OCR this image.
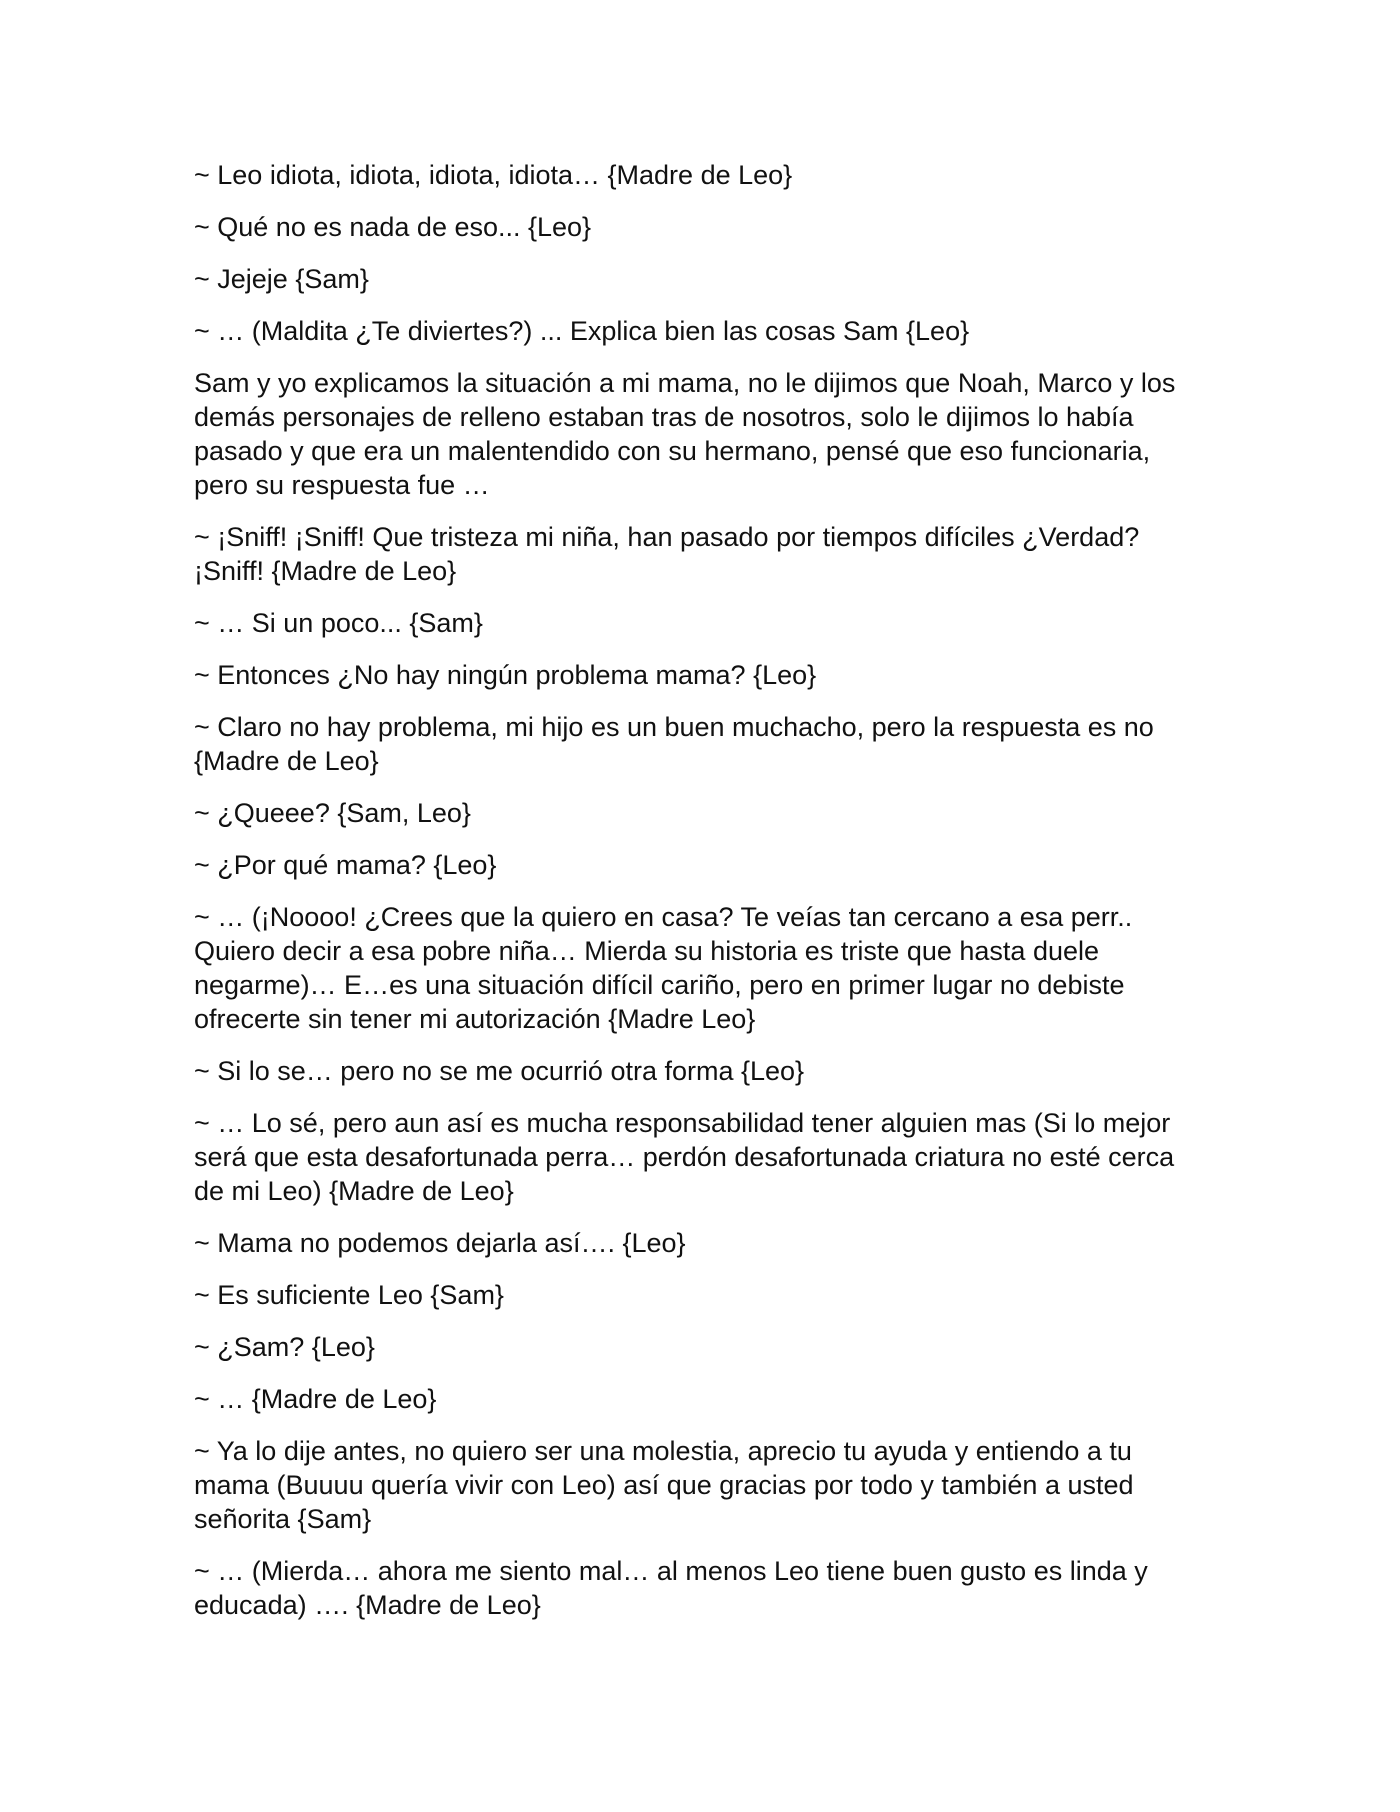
~ Leo idiota, idiota, idiota, idiota… {Madre de Leo}

~ Qué no es nada de eso... {Leo}

~ Jejeje {Sam}

~ … (Maldita ¿Te diviertes?) ... Explica bien las cosas Sam {Leo}

Sam y yo explicamos la situación a mi mama, no le dijimos que Noah, Marco y los demás personajes de relleno estaban tras de nosotros, solo le dijimos lo había pasado y que era un malentendido con su hermano, pensé que eso funcionaria, pero su respuesta fue …

~ ¡Sniff! ¡Sniff! Que tristeza mi niña, han pasado por tiempos difíciles ¿Verdad? ¡Sniff! {Madre de Leo}

~ … Si un poco... {Sam}

~ Entonces ¿No hay ningún problema mama? {Leo}

~ Claro no hay problema, mi hijo es un buen muchacho, pero la respuesta es no {Madre de Leo}

~ ¿Queee? {Sam, Leo}

~ ¿Por qué mama? {Leo}

~ … (¡Noooo! ¿Crees que la quiero en casa? Te veías tan cercano a esa perr.. Quiero decir a esa pobre niña… Mierda su historia es triste que hasta duele negarme)… E…es una situación difícil cariño, pero en primer lugar no debiste ofrecerte sin tener mi autorización {Madre Leo}

~ Si lo se… pero no se me ocurrió otra forma {Leo}

~ … Lo sé, pero aun así es mucha responsabilidad tener alguien mas (Si lo mejor será que esta desafortunada perra… perdón desafortunada criatura no esté cerca de mi Leo) {Madre de Leo}

~ Mama no podemos dejarla así…. {Leo}

~ Es suficiente Leo {Sam}

~ ¿Sam? {Leo}

~ … {Madre de Leo}

~ Ya lo dije antes, no quiero ser una molestia, aprecio tu ayuda y entiendo a tu mama (Buuuu quería vivir con Leo) así que gracias por todo y también a usted señorita {Sam}

~ … (Mierda… ahora me siento mal… al menos Leo tiene buen gusto es linda y educada) …. {Madre de Leo}
